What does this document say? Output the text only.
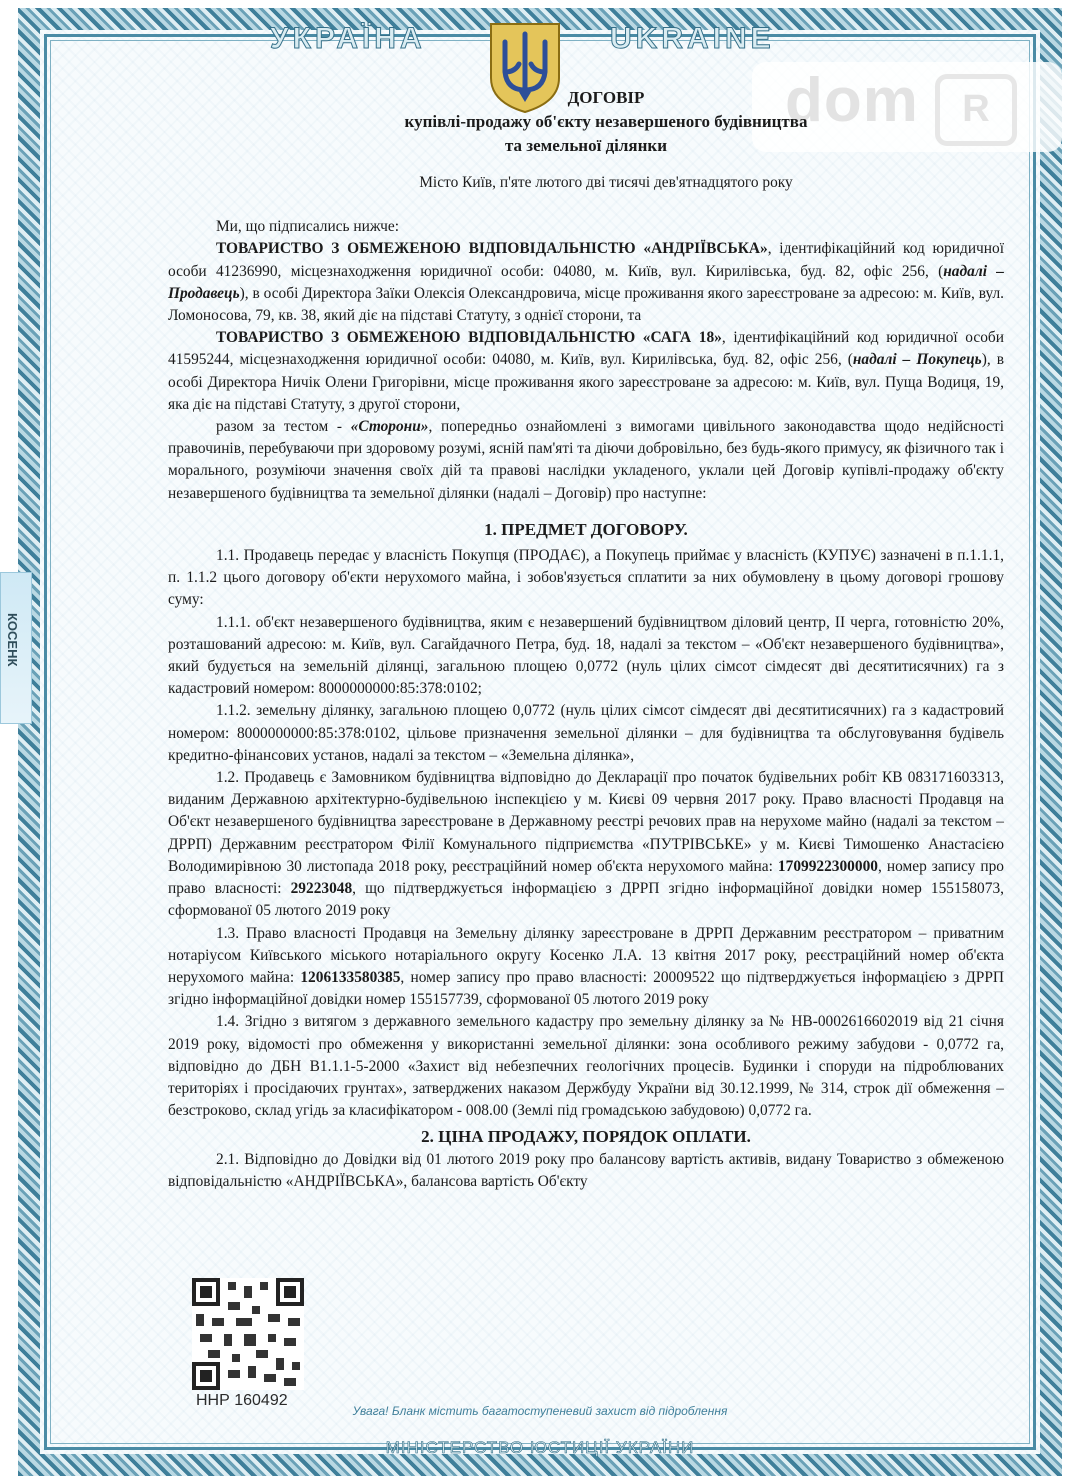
УКРАЇНА	UKRAINE
dom	R
КОСЕНК
ДОГОВІР
купівлі-продажу об'єкту незавершеного будівництва
та земельної ділянки
Місто Київ, п'яте лютого дві тисячі дев'ятнадцятого року

Ми, що підписались нижче:

ТОВАРИСТВО З ОБМЕЖЕНОЮ ВІДПОВІДАЛЬНІСТЮ «АНДРІЇВСЬКА», ідентифікаційний код юридичної особи 41236990, місцезнаходження юридичної особи: 04080, м. Київ, вул. Кирилівська, буд. 82, офіс 256, (надалі – Продавець), в особі Директора Заїки Олексія Олександровича, місце проживання якого зареєстроване за адресою: м. Київ, вул. Ломоносова, 79, кв. 38, який діє на підставі Статуту, з однієї сторони, та

ТОВАРИСТВО З ОБМЕЖЕНОЮ ВІДПОВІДАЛЬНІСТЮ «САГА 18», ідентифікаційний код юридичної особи 41595244, місцезнаходження юридичної особи: 04080, м. Київ, вул. Кирилівська, буд. 82, офіс 256, (надалі – Покупець), в особі Директора Ничік Олени Григорівни, місце проживання якого зареєстроване за адресою: м. Київ, вул. Пуща Водиця, 19, яка діє на підставі Статуту, з другої сторони,

разом за тестом - «Сторони», попередньо ознайомлені з вимогами цивільного законодавства щодо недійсності правочинів, перебуваючи при здоровому розумі, ясній пам'яті та діючи добровільно, без будь-якого примусу, як фізичного так і морального, розуміючи значення своїх дій та правові наслідки укладеного, уклали цей Договір купівлі-продажу об'єкту незавершеного будівництва та земельної ділянки (надалі – Договір) про наступне:

1. ПРЕДМЕТ ДОГОВОРУ.

1.1. Продавець передає у власність Покупця (ПРОДАЄ), а Покупець приймає у власність (КУПУЄ) зазначені в п.1.1.1, п. 1.1.2 цього договору об'єкти нерухомого майна, і зобов'язується сплатити за них обумовлену в цьому договорі грошову суму:

1.1.1. об'єкт незавершеного будівництва, яким є незавершений будівництвом діловий центр, ІІ черга, готовністю 20%, розташований адресою: м. Київ, вул. Сагайдачного Петра, буд. 18, надалі за текстом – «Об'єкт незавершеного будівництва», який будується на земельній ділянці, загальною площею 0,0772 (нуль цілих сімсот сімдесят дві десятитисячних) га з кадастровий номером: 8000000000:85:378:0102;

1.1.2. земельну ділянку, загальною площею 0,0772 (нуль цілих сімсот сімдесят дві десятитисячних) га з кадастровий номером: 8000000000:85:378:0102, цільове призначення земельної ділянки – для будівництва та обслуговування будівель кредитно-фінансових установ, надалі за текстом – «Земельна ділянка»,

1.2. Продавець є Замовником будівництва відповідно до Декларації про початок будівельних робіт КВ 083171603313, виданим Державною архітектурно-будівельною інспекцією у м. Києві 09 червня 2017 року. Право власності Продавця на Об'єкт незавершеного будівництва зареєстроване в Державному реєстрі речових прав на нерухоме майно (надалі за текстом – ДРРП) Державним реєстратором Філії Комунального підприємства «ПУТРІВСЬКЕ» у м. Києві Тимошенко Анастасією Володимирівною 30 листопада 2018 року, реєстраційний номер об'єкта нерухомого майна: 1709922300000, номер запису про право власності: 29223048, що підтверджується інформацією з ДРРП згідно інформаційної довідки номер 155158073, сформованої 05 лютого 2019 року

1.3. Право власності Продавця на Земельну ділянку зареєстроване в ДРРП Державним реєстратором – приватним нотаріусом Київського міського нотаріального округу Косенко Л.А. 13 квітня 2017 року, реєстраційний номер об'єкта нерухомого майна: 1206133580385, номер запису про право власності: 20009522 що підтверджується інформацією з ДРРП згідно інформаційної довідки номер 155157739, сформованої 05 лютого 2019 року

1.4. Згідно з витягом з державного земельного кадастру про земельну ділянку за № НВ-0002616602019 від 21 січня 2019 року, відомості про обмеження у використанні земельної ділянки: зона особливого режиму забудови - 0,0772 га, відповідно до ДБН В1.1.1-5-2000 «Захист від небезпечних геологічних процесів. Будинки і споруди на підроблюваних територіях і просідаючих грунтах», затверджених наказом Держбуду України від 30.12.1999, № 314, строк дії обмеження – безстроково, склад угідь за класифікатором - 008.00 (Землі під громадською забудовою) 0,0772 га.

2. ЦІНА ПРОДАЖУ, ПОРЯДОК ОПЛАТИ.

2.1. Відповідно до Довідки від 01 лютого 2019 року про балансову вартість активів, видану Товариство з обмеженою відповідальністю «АНДРІЇВСЬКА», балансова вартість Об'єкту

ННР 160492
Увага! Бланк містить багатоступеневий захист від підроблення
МІНІСТЕРСТВО ЮСТИЦІЇ УКРАЇНИ
